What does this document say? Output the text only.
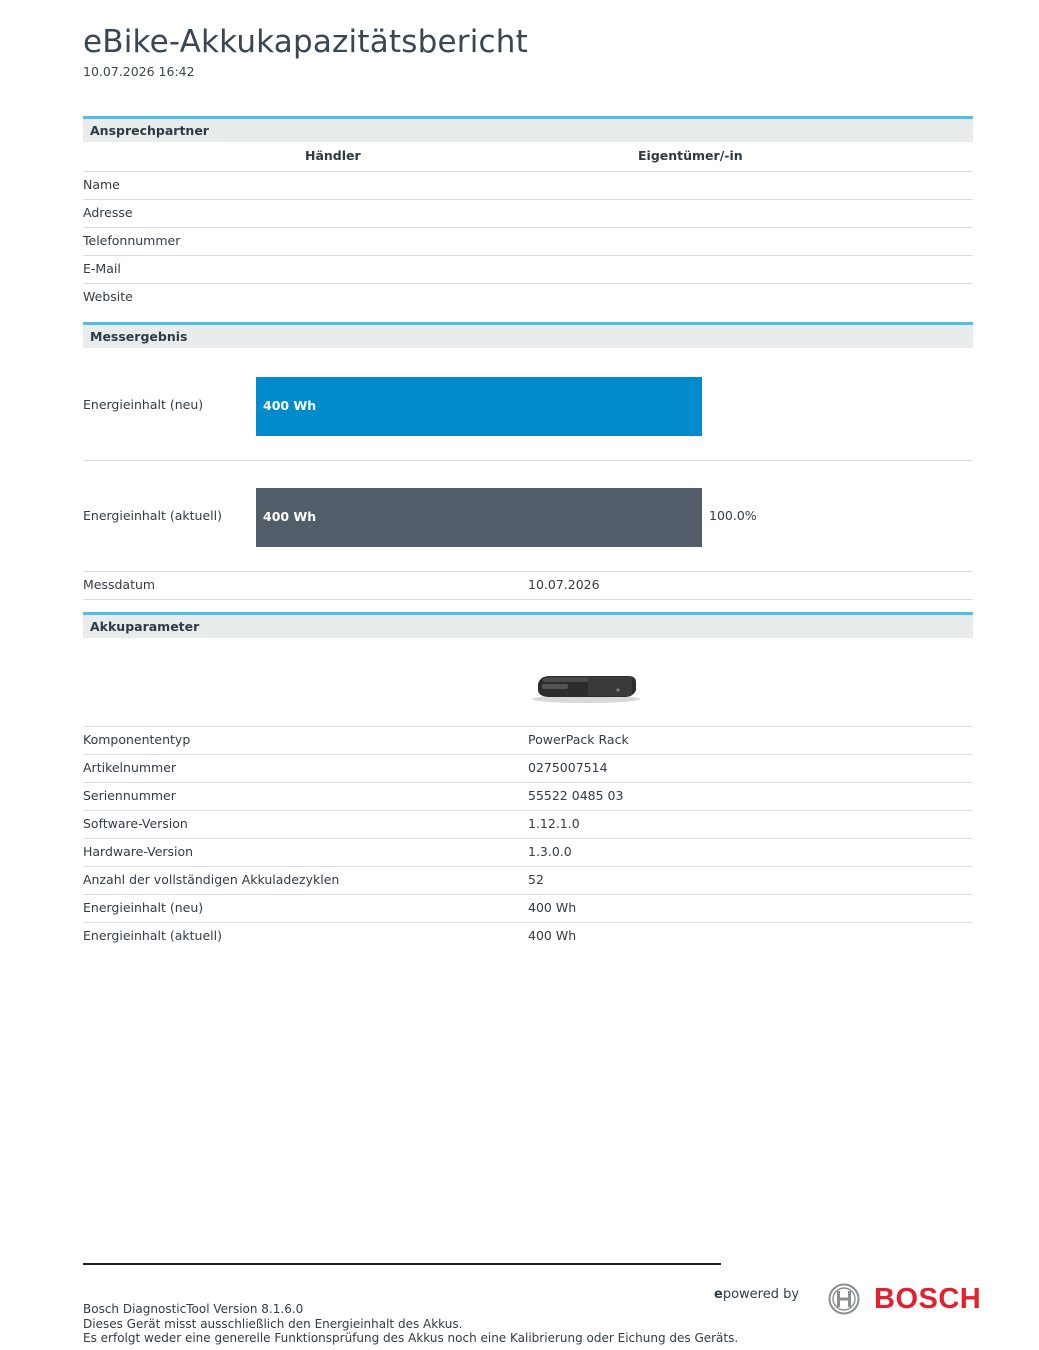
eBike-Akkukapazitätsbericht
10.07.2026 16:42
Ansprechpartner
Händler	Eigentümer/-in
Name
Adresse
Telefonnummer
E-Mail
Website
Messergebnis
Energieinhalt (neu)	400 Wh
Energieinhalt (aktuell)	400 Wh	100.0%
Messdatum	10.07.2026
Akkuparameter
Komponententyp	PowerPack Rack
Artikelnummer	0275007514
Seriennummer	55522 0485 03
Software-Version	1.12.1.0
Hardware-Version	1.3.0.0
Anzahl der vollständigen Akkuladezyklen	52
Energieinhalt (neu)	400 Wh
Energieinhalt (aktuell)	400 Wh
epowered by	BOSCH
Bosch DiagnosticTool Version 8.1.6.0
Dieses Gerät misst ausschließlich den Energieinhalt des Akkus.
Es erfolgt weder eine generelle Funktionsprüfung des Akkus noch eine Kalibrierung oder Eichung des Geräts.
